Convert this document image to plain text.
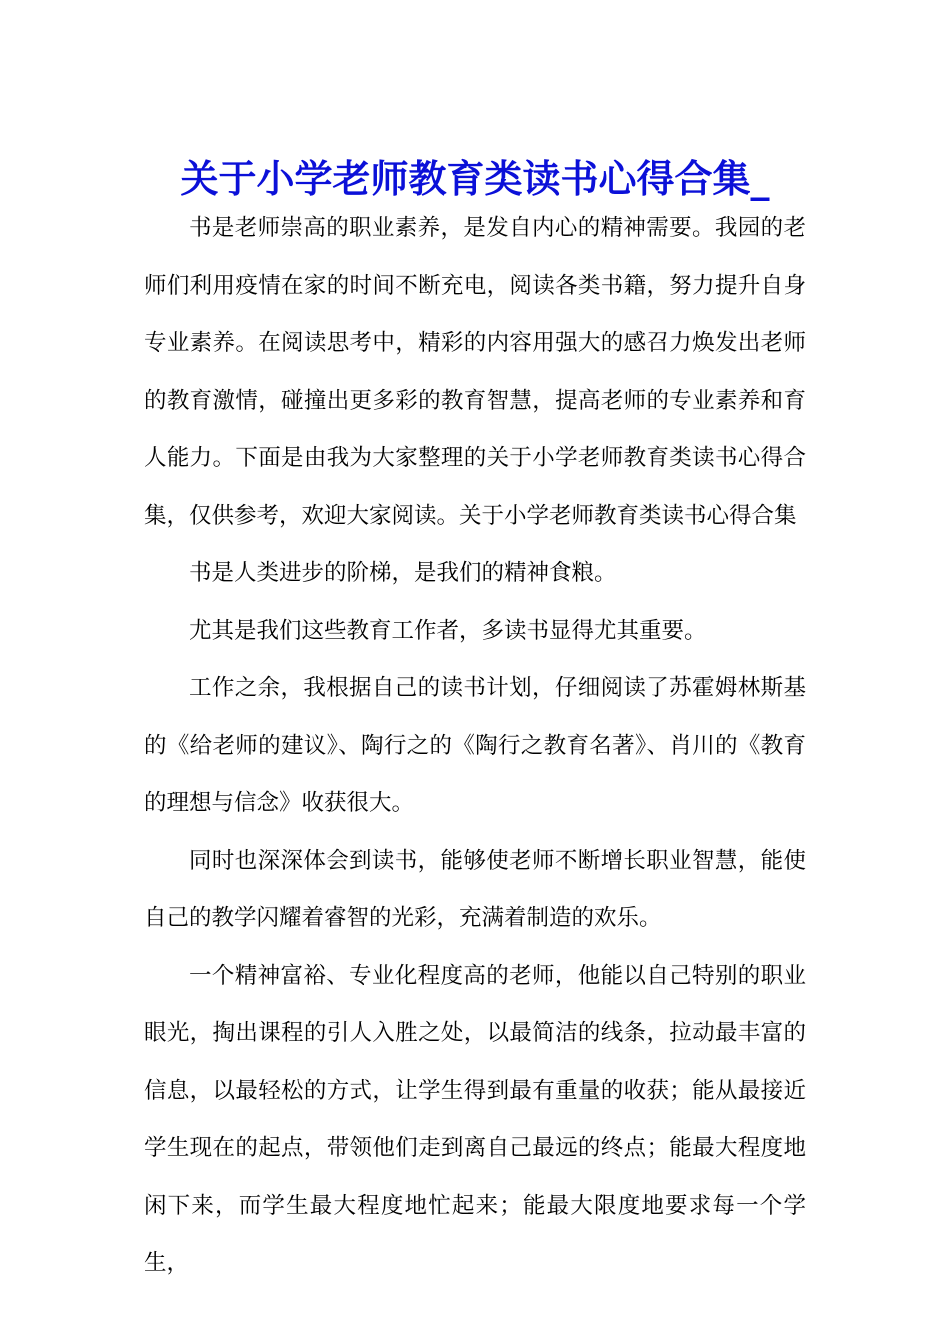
关于小学老师教育类读书心得合集_

书是老师崇高的职业素养，是发自内心的精神需要。我园的老师们利用疫情在家的时间不断充电，阅读各类书籍，努力提升自身专业素养。在阅读思考中，精彩的内容用强大的感召力焕发出老师的教育激情，碰撞出更多彩的教育智慧，提高老师的专业素养和育人能力。下面是由我为大家整理的关于小学老师教育类读书心得合集，仅供参考，欢迎大家阅读。关于小学老师教育类读书心得合集

书是人类进步的阶梯，是我们的精神食粮。

尤其是我们这些教育工作者，多读书显得尤其重要。

工作之余，我根据自己的读书计划，仔细阅读了苏霍姆林斯基的《给老师的建议》、陶行之的《陶行之教育名著》、肖川的《教育的理想与信念》收获很大。

同时也深深体会到读书，能够使老师不断增长职业智慧，能使自己的教学闪耀着睿智的光彩，充满着制造的欢乐。

一个精神富裕、专业化程度高的老师，他能以自己特别的职业眼光，掏出课程的引人入胜之处，以最简洁的线条，拉动最丰富的信息，以最轻松的方式，让学生得到最有重量的收获；能从最接近学生现在的起点，带领他们走到离自己最远的终点；能最大程度地闲下来，而学生最大程度地忙起来；能最大限度地要求每一个学生，
